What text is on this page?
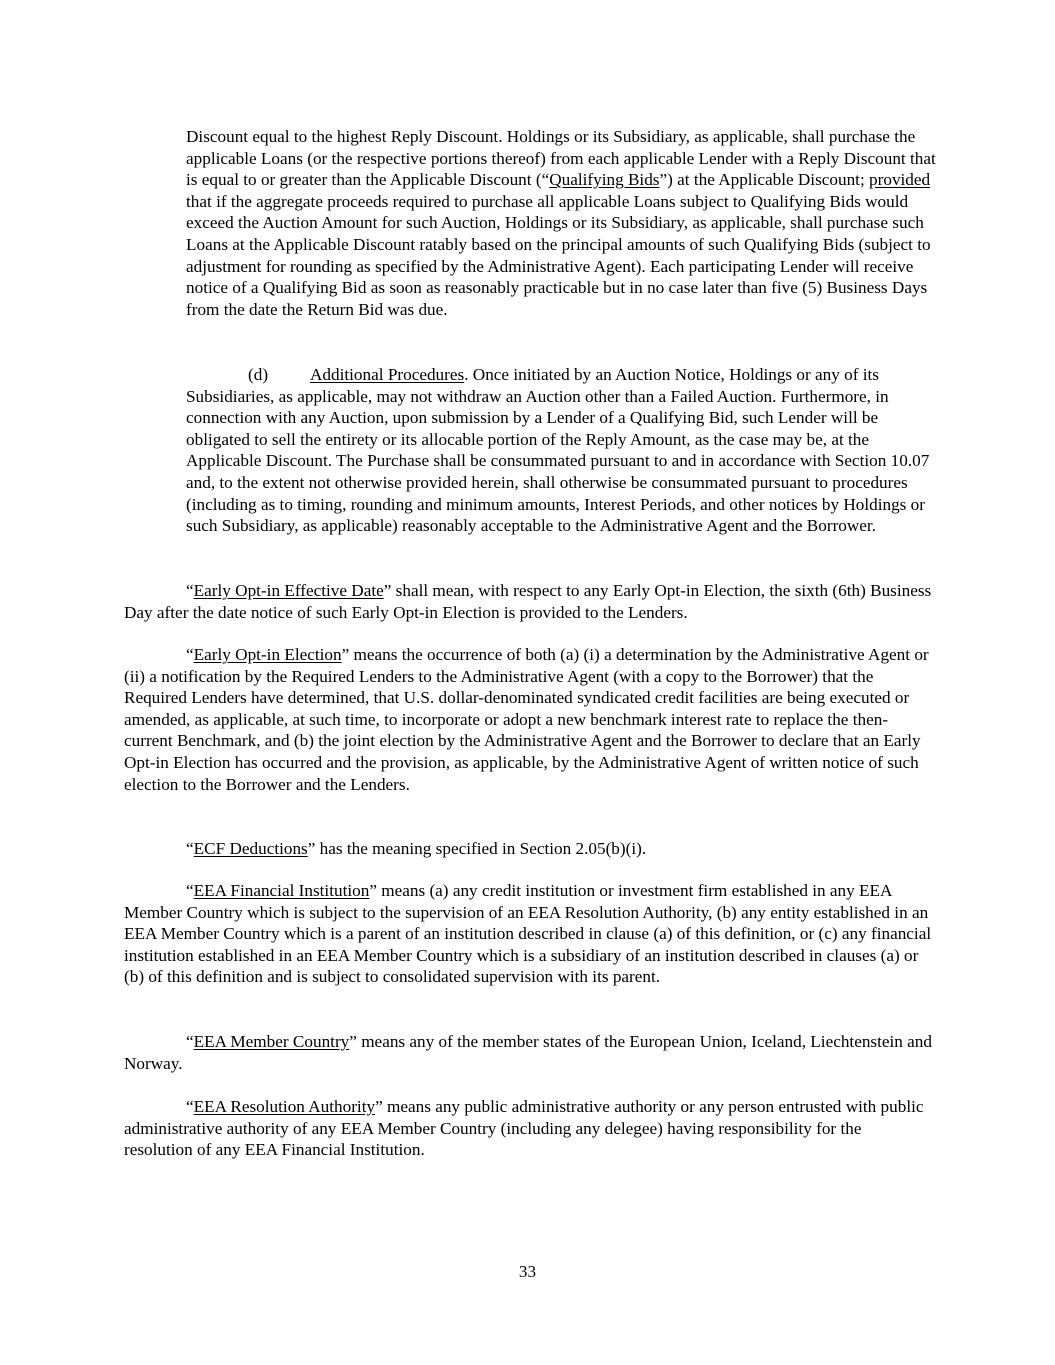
Discount equal to the highest Reply Discount. Holdings or its Subsidiary, as applicable, shall purchase the applicable Loans (or the respective portions thereof) from each applicable Lender with a Reply Discount that is equal to or greater than the Applicable Discount (“Qualifying Bids”) at the Applicable Discount; provided that if the aggregate proceeds required to purchase all applicable Loans subject to Qualifying Bids would exceed the Auction Amount for such Auction, Holdings or its Subsidiary, as applicable, shall purchase such Loans at the Applicable Discount ratably based on the principal amounts of such Qualifying Bids (subject to adjustment for rounding as specified by the Administrative Agent). Each participating Lender will receive notice of a Qualifying Bid as soon as reasonably practicable but in no case later than five (5) Business Days from the date the Return Bid was due.

(d) Additional Procedures. Once initiated by an Auction Notice, Holdings or any of its Subsidiaries, as applicable, may not withdraw an Auction other than a Failed Auction. Furthermore, in connection with any Auction, upon submission by a Lender of a Qualifying Bid, such Lender will be obligated to sell the entirety or its allocable portion of the Reply Amount, as the case may be, at the Applicable Discount. The Purchase shall be consummated pursuant to and in accordance with Section 10.07 and, to the extent not otherwise provided herein, shall otherwise be consummated pursuant to procedures (including as to timing, rounding and minimum amounts, Interest Periods, and other notices by Holdings or such Subsidiary, as applicable) reasonably acceptable to the Administrative Agent and the Borrower.

“Early Opt-in Effective Date” shall mean, with respect to any Early Opt-in Election, the sixth (6th) Business Day after the date notice of such Early Opt-in Election is provided to the Lenders.

“Early Opt-in Election” means the occurrence of both (a) (i) a determination by the Administrative Agent or (ii) a notification by the Required Lenders to the Administrative Agent (with a copy to the Borrower) that the Required Lenders have determined, that U.S. dollar-denominated syndicated credit facilities are being executed or amended, as applicable, at such time, to incorporate or adopt a new benchmark interest rate to replace the then-current Benchmark, and (b) the joint election by the Administrative Agent and the Borrower to declare that an Early Opt-in Election has occurred and the provision, as applicable, by the Administrative Agent of written notice of such election to the Borrower and the Lenders.

“ECF Deductions” has the meaning specified in Section 2.05(b)(i).

“EEA Financial Institution” means (a) any credit institution or investment firm established in any EEA Member Country which is subject to the supervision of an EEA Resolution Authority, (b) any entity established in an EEA Member Country which is a parent of an institution described in clause (a) of this definition, or (c) any financial institution established in an EEA Member Country which is a subsidiary of an institution described in clauses (a) or (b) of this definition and is subject to consolidated supervision with its parent.

“EEA Member Country” means any of the member states of the European Union, Iceland, Liechtenstein and Norway.

“EEA Resolution Authority” means any public administrative authority or any person entrusted with public administrative authority of any EEA Member Country (including any delegee) having responsibility for the resolution of any EEA Financial Institution.

33
